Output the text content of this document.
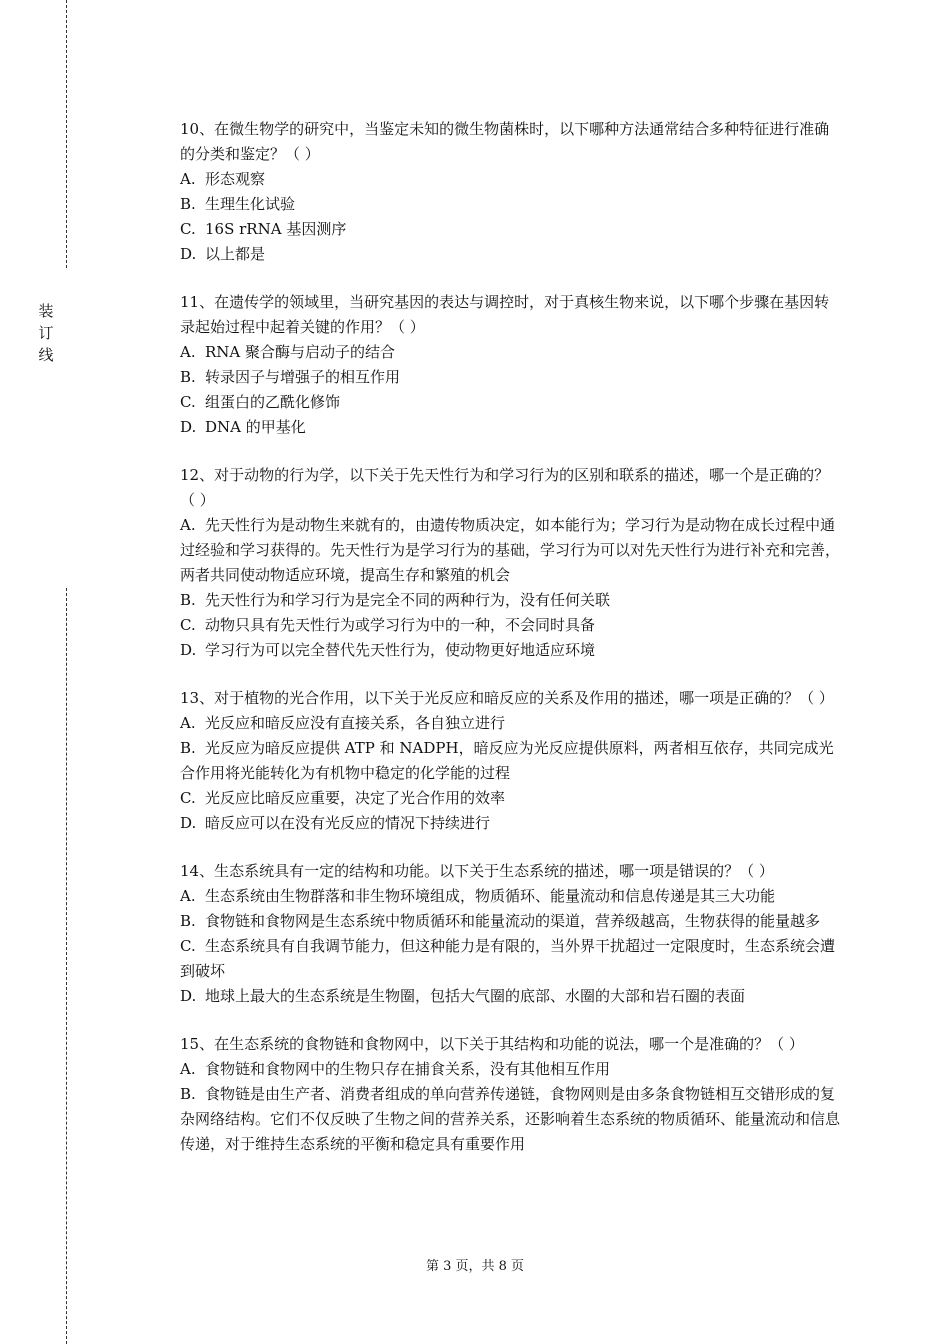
装
订
线

10、在微生物学的研究中，当鉴定未知的微生物菌株时，以下哪种方法通常结合多种特征进行准确的分类和鉴定？（ ）

A. 形态观察

B. 生理生化试验

C. 16S rRNA 基因测序

D. 以上都是

11、在遗传学的领域里，当研究基因的表达与调控时，对于真核生物来说，以下哪个步骤在基因转录起始过程中起着关键的作用？（ ）

A. RNA 聚合酶与启动子的结合

B. 转录因子与增强子的相互作用

C. 组蛋白的乙酰化修饰

D. DNA 的甲基化

12、对于动物的行为学，以下关于先天性行为和学习行为的区别和联系的描述，哪一个是正确的？（ ）

A. 先天性行为是动物生来就有的，由遗传物质决定，如本能行为；学习行为是动物在成长过程中通过经验和学习获得的。先天性行为是学习行为的基础，学习行为可以对先天性行为进行补充和完善，两者共同使动物适应环境，提高生存和繁殖的机会

B. 先天性行为和学习行为是完全不同的两种行为，没有任何关联

C. 动物只具有先天性行为或学习行为中的一种，不会同时具备

D. 学习行为可以完全替代先天性行为，使动物更好地适应环境

13、对于植物的光合作用，以下关于光反应和暗反应的关系及作用的描述，哪一项是正确的？（ ）

A. 光反应和暗反应没有直接关系，各自独立进行

B. 光反应为暗反应提供 ATP 和 NADPH，暗反应为光反应提供原料，两者相互依存，共同完成光合作用将光能转化为有机物中稳定的化学能的过程

C. 光反应比暗反应重要，决定了光合作用的效率

D. 暗反应可以在没有光反应的情况下持续进行

14、生态系统具有一定的结构和功能。以下关于生态系统的描述，哪一项是错误的？（ ）

A. 生态系统由生物群落和非生物环境组成，物质循环、能量流动和信息传递是其三大功能

B. 食物链和食物网是生态系统中物质循环和能量流动的渠道，营养级越高，生物获得的能量越多

C. 生态系统具有自我调节能力，但这种能力是有限的，当外界干扰超过一定限度时，生态系统会遭到破坏

D. 地球上最大的生态系统是生物圈，包括大气圈的底部、水圈的大部和岩石圈的表面

15、在生态系统的食物链和食物网中，以下关于其结构和功能的说法，哪一个是准确的？（ ）

A. 食物链和食物网中的生物只存在捕食关系，没有其他相互作用

B. 食物链是由生产者、消费者组成的单向营养传递链，食物网则是由多条食物链相互交错形成的复杂网络结构。它们不仅反映了生物之间的营养关系，还影响着生态系统的物质循环、能量流动和信息传递，对于维持生态系统的平衡和稳定具有重要作用

第 3 页，共 8 页
